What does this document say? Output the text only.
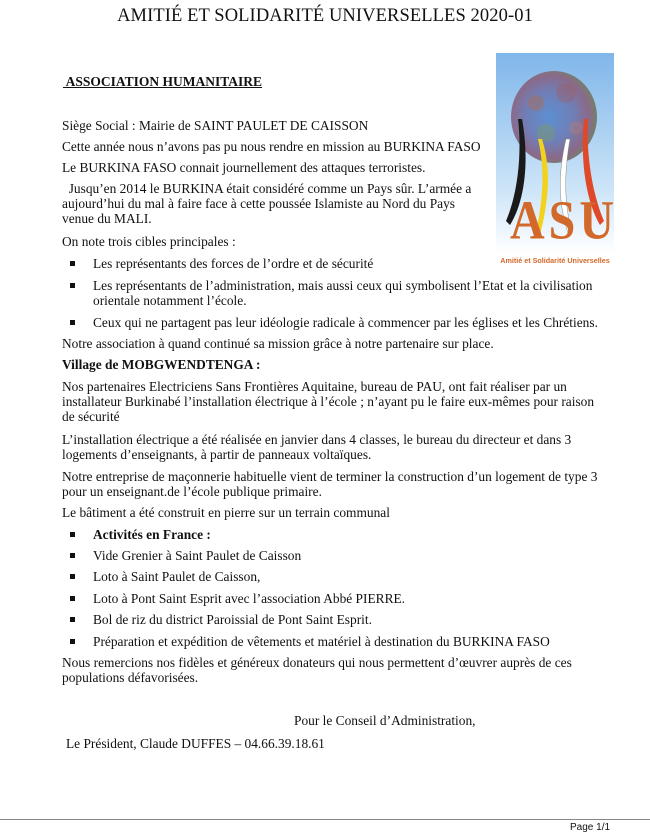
AMITIÉ ET SOLIDARITÉ UNIVERSELLES 2020-01
ASSOCIATION HUMANITAIRE
ASU
Amitié et Solidarité Universelles
Siège Social : Mairie de SAINT PAULET DE CAISSON
Cette année nous n’avons pas pu nous rendre en mission au BURKINA FASO
Le BURKINA FASO connait journellement des attaques terroristes.
Jusqu’en 2014 le BURKINA était considéré comme un Pays sûr. L’armée a
aujourd’hui du mal à faire face à cette poussée Islamiste au Nord du Pays
venue du MALI.
On note trois cibles principales :
Les représentants des forces de l’ordre et de sécurité
Les représentants de l’administration, mais aussi ceux qui symbolisent l’Etat et la civilisation
orientale notamment l’école.
Ceux qui ne partagent pas leur idéologie radicale à commencer par les églises et les Chrétiens.
Notre association à quand continué sa mission grâce à notre partenaire sur place.
Village de MOBGWENDTENGA :
Nos partenaires Electriciens Sans Frontières Aquitaine, bureau de PAU, ont fait réaliser par un
installateur Burkinabé l’installation électrique à l’école ; n’ayant pu le faire eux-mêmes pour raison
de sécurité
L’installation électrique a été réalisée en janvier dans 4 classes, le bureau du directeur et dans 3
logements d’enseignants, à partir de panneaux voltaïques.
Notre entreprise de maçonnerie habituelle vient de terminer la construction d’un logement de type 3
pour un enseignant.de l’école publique primaire.
Le bâtiment a été construit en pierre sur un terrain communal
Activités en France :
Vide Grenier à Saint Paulet de Caisson
Loto à Saint Paulet de Caisson,
Loto à Pont Saint Esprit avec l’association Abbé PIERRE.
Bol de riz du district Paroissial de Pont Saint Esprit.
Préparation et expédition de vêtements et matériel à destination du BURKINA FASO
Nous remercions nos fidèles et généreux donateurs qui nous permettent d’œuvrer auprès de ces
populations défavorisées.
Pour le Conseil d’Administration,
Le Président, Claude DUFFES – 04.66.39.18.61
Page 1/1
